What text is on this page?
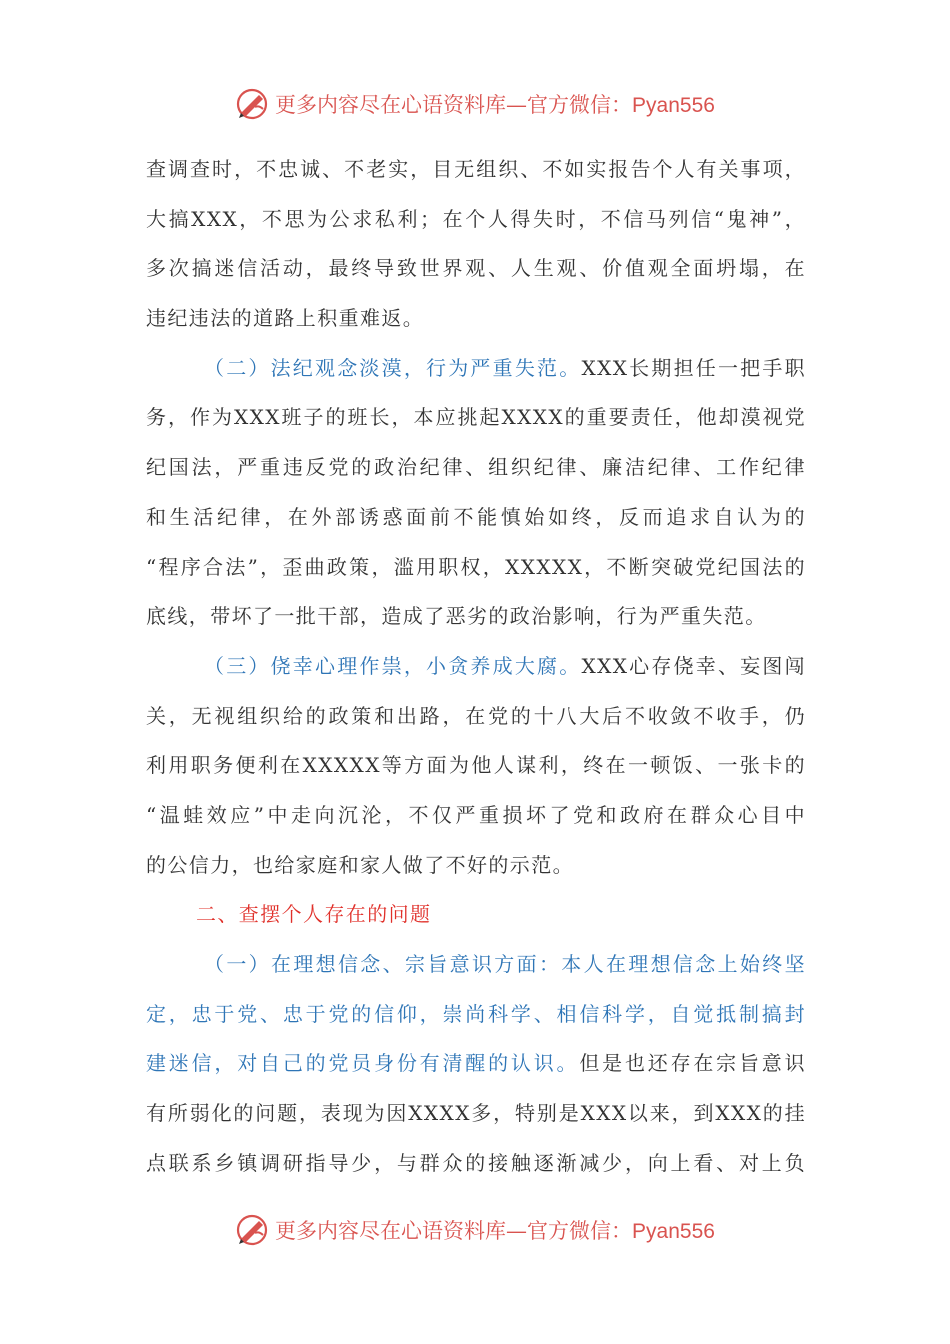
更多内容尽在心语资料库—官方微信：Pyan556
查调查时，不忠诚、不老实，目无组织、不如实报告个人有关事项，
大搞XXX，不思为公求私利；在个人得失时，不信马列信“鬼神”，
多次搞迷信活动，最终导致世界观、人生观、价值观全面坍塌，在
违纪违法的道路上积重难返。
（二）法纪观念淡漠，行为严重失范。XXX长期担任一把手职
务，作为XXX班子的班长，本应挑起XXXX的重要责任，他却漠视党
纪国法，严重违反党的政治纪律、组织纪律、廉洁纪律、工作纪律
和生活纪律，在外部诱惑面前不能慎始如终，反而追求自认为的
“程序合法”，歪曲政策，滥用职权，XXXXX，不断突破党纪国法的
底线，带坏了一批干部，造成了恶劣的政治影响，行为严重失范。
（三）侥幸心理作祟，小贪养成大腐。XXX心存侥幸、妄图闯
关，无视组织给的政策和出路，在党的十八大后不收敛不收手，仍
利用职务便利在XXXXX等方面为他人谋利，终在一顿饭、一张卡的
“温蛙效应”中走向沉沦，不仅严重损坏了党和政府在群众心目中
的公信力，也给家庭和家人做了不好的示范。
二、查摆个人存在的问题
（一）在理想信念、宗旨意识方面：本人在理想信念上始终坚
定，忠于党、忠于党的信仰，崇尚科学、相信科学，自觉抵制搞封
建迷信，对自己的党员身份有清醒的认识。但是也还存在宗旨意识
有所弱化的问题，表现为因XXXX多，特别是XXX以来，到XXX的挂
点联系乡镇调研指导少，与群众的接触逐渐减少，向上看、对上负
更多内容尽在心语资料库—官方微信：Pyan556
